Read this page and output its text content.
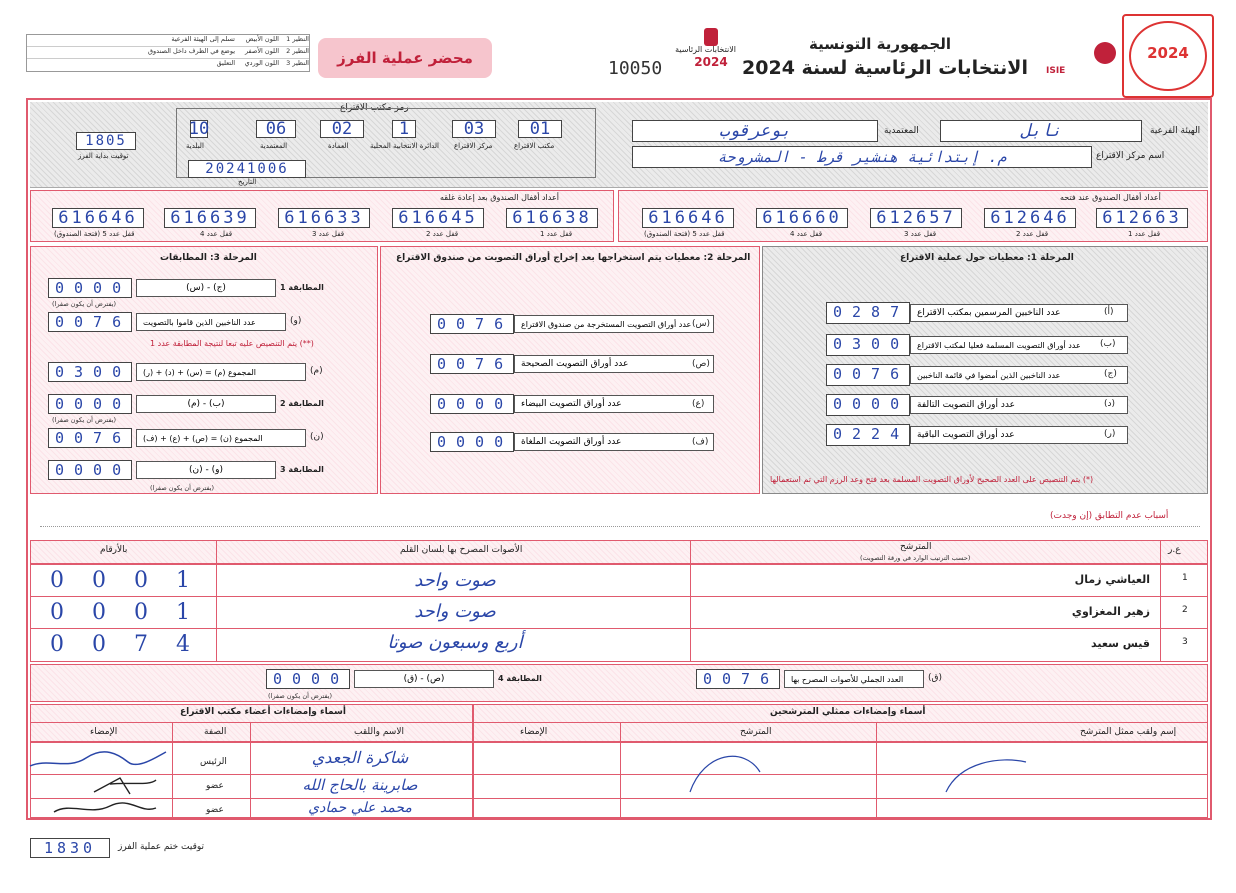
2024
ISIE
الجمهورية التونسية
الانتخابات الرئاسية لسنة 2024
الانتخابات الرئاسية
2024
10050
محضر عملية الفرز
النظير 1
اللون الأبيض
تسلم إلى الهيئة الفرعية
النظير 2
اللون الأصفر
يوضع في الظرف داخل الصندوق
النظير 3
اللون الوردي
التعليق
رمز مكتب الاقتراع
10
البلدية
06
المعتمدية
02
العمادة
1
الدائرة الانتخابية المحلية
03
مركز الاقتراع
01
مكتب الاقتراع
20241006
التاريخ
1805
توقيت بداية الفرز
الهيئة الفرعية
نابل
المعتمدية
بوعرقوب
اسم مركز الاقتراع
م. إبتدائية هنشير قرط - المشروحة
أعداد أقفال الصندوق بعد إعادة غلقه	أعداد أقفال الصندوق عند فتحه
616646
قفل عدد 5 (فتحة الصندوق)
616639
قفل عدد 4
616633
قفل عدد 3
616645
قفل عدد 2
616638
قفل عدد 1
616646
قفل عدد 5 (فتحة الصندوق)
616660
قفل عدد 4
612657
قفل عدد 3
612646
قفل عدد 2
612663
قفل عدد 1
المرحلة 1: معطيات حول عملية الاقتراع
المرحلة 2: معطيات يتم استخراجها بعد إخراج أوراق التصويت من صندوق الاقتراع
المرحلة 3: المطابقات
0287 عدد الناخبين المرسمين بمكتب الاقتراع	(أ)
0300 عدد أوراق التصويت المسلمة فعليا لمكتب الاقتراع	(ب)
0076 عدد الناخبين الذين أمضوا في قائمة الناخبين	(ج)
0000 عدد أوراق التصويت التالفة	(د)
0224 عدد أوراق التصويت الباقية	(ر)
(*) يتم التنصيص على العدد الصحيح لأوراق التصويت المسلمة بعد فتح وعد الرزم التي تم استعمالها
0076 عدد أوراق التصويت المستخرجة من صندوق الاقتراع (س)
0076 عدد أوراق التصويت الصحيحة	(ص)
0000 عدد أوراق التصويت البيضاء	(ع)
0000 عدد أوراق التصويت الملغاة	(ف)
0000	(ج) - (س)	المطابقة 1
(يفترض أن يكون صفرا)
0076	عدد الناخبين الذين قاموا بالتصويت	(و)
(**) يتم التنصيص عليه تبعا لنتيجة المطابقة عدد 1
0300	المجموع (م) = (س) + (د) + (ر)	(م)
0000	(ب) - (م)	المطابقة 2
(يفترض أن يكون صفرا)
0076	المجموع (ن) = (ص) + (ع) + (ف)	(ن)
0000	(و) - (ن)	المطابقة 3
(يفترض أن يكون صفرا)
أسباب عدم التطابق (إن وجدت)
ع.ر
المترشح
(حسب الترتيب الوارد في ورقة التصويت)
الأصوات المصرح بها بلسان القلم
بالأرقام
1
العياشي زمال
صوت واحد
0001
2
زهير المغزاوي
صوت واحد
0001
3
قيس سعيد
أربع وسبعون صوتا
0074
0076	العدد الجملي للأصوات المصرح بها	(ق)
0000	(ص) - (ق)	المطابقة 4
(يفترض أن يكون صفرا)
أسماء وإمضاءات أعضاء مكتب الاقتراع	أسماء وإمضاءات ممثلي المترشحين
الإمضاء	الصفة	الاسم واللقب	الإمضاء	المترشح	إسم ولقب ممثل المترشح
الرئيس	شاكرة الجعدي
عضو	صابرينة بالحاج الله
عضو	محمد علي حمادي
1830	توقيت ختم عملية الفرز
